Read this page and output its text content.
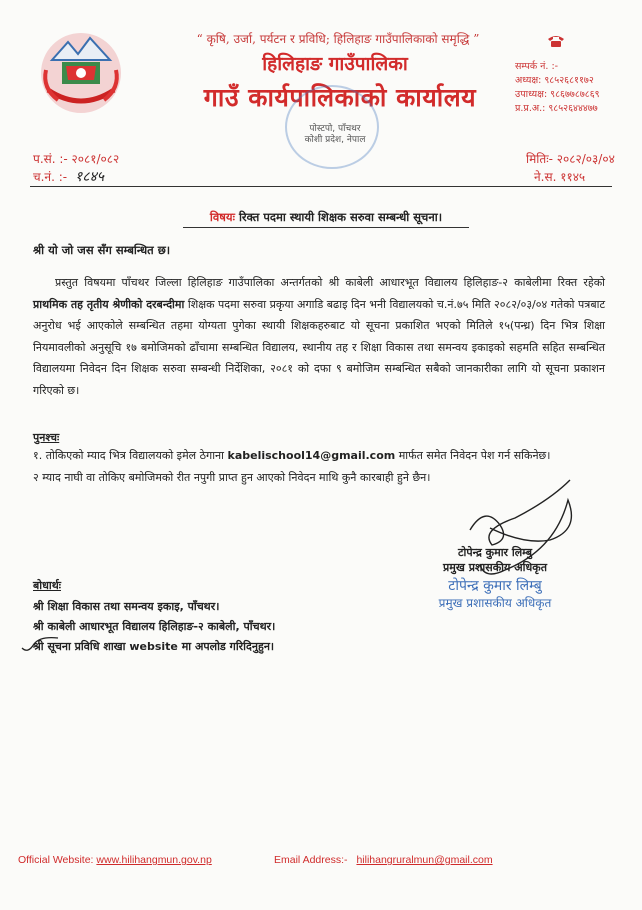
“ कृषि, उर्जा, पर्यटन र प्रविधि; हिलिहाङ गाउँपालिकाको समृद्धि ”
हिलिहाङ गाउँपालिका
गाउँ कार्यपालिकाको कार्यालय
पोस्टपो, पाँचथर
कोशी प्रदेश, नेपाल
सम्पर्क नं. :-
अध्यक्ष: ९८५२६८११७२
उपाध्यक्ष: ९८६७७८७८६९
प्र.प्र.अ.: ९८५२६४४४७७
प.सं. :- २०८१/०८२
च.नं. :- १८४५
मितिः- २०८२/०३/०४
ने.स. ११४५
विषयः रिक्त पदमा स्थायी शिक्षक सरुवा सम्बन्धी सूचना।
श्री यो जो जस सँग सम्बन्धित छ।
प्रस्तुत विषयमा पाँचथर जिल्ला हिलिहाङ गाउँपालिका अन्तर्गतको श्री काबेली आधारभूत विद्यालय हिलिहाङ-२ काबेलीमा रिक्त रहेको प्राथमिक तह तृतीय श्रेणीको दरबन्दीमा शिक्षक पदमा सरुवा प्रकृया अगाडि बढाइ दिन भनी विद्यालयको च.नं.७५ मिति २०८२/०३/०४ गतेको पत्रबाट अनुरोध भई आएकोले सम्बन्धित तहमा योग्यता पुगेका स्थायी शिक्षकहरुबाट यो सूचना प्रकाशित भएको मितिले १५(पन्ध्र) दिन भित्र शिक्षा नियमावलीको अनुसूचि १७ बमोजिमको ढाँचामा सम्बन्धित विद्यालय, स्थानीय तह र शिक्षा विकास तथा समन्वय इकाइको सहमति सहित सम्बन्धित विद्यालयमा निवेदन दिन शिक्षक सरुवा सम्बन्धी निर्देशिका, २०८१ को दफा ९ बमोजिम सम्बन्धित सबैको जानकारीका लागि यो सूचना प्रकाशन गरिएको छ।
पुनश्चः
१. तोकिएको म्याद भित्र विद्यालयको इमेल ठेगाना kabelischool14@gmail.com मार्फत समेत निवेदन पेश गर्न सकिनेछ।
२ म्याद नाघी वा तोकिए बमोजिमको रीत नपुगी प्राप्त हुन आएको निवेदन माथि कुनै कारबाही हुने छैन।
टोपेन्द्र कुमार लिम्बु
प्रमुख प्रशासकीय अधिकृत
टोपेन्द्र कुमार लिम्बु
प्रमुख प्रशासकीय अधिकृत
बोधार्थः
श्री शिक्षा विकास तथा समन्वय इकाइ, पाँचथर।
श्री काबेली आधारभूत विद्यालय हिलिहाङ-२ काबेली, पाँचथर।
श्री सूचना प्रविधि शाखा website मा अपलोड गरिदिनुहुन।
Official Website: www.hilihangmun.gov.np	Email Address:- hilihangruralmun@gmail.com
